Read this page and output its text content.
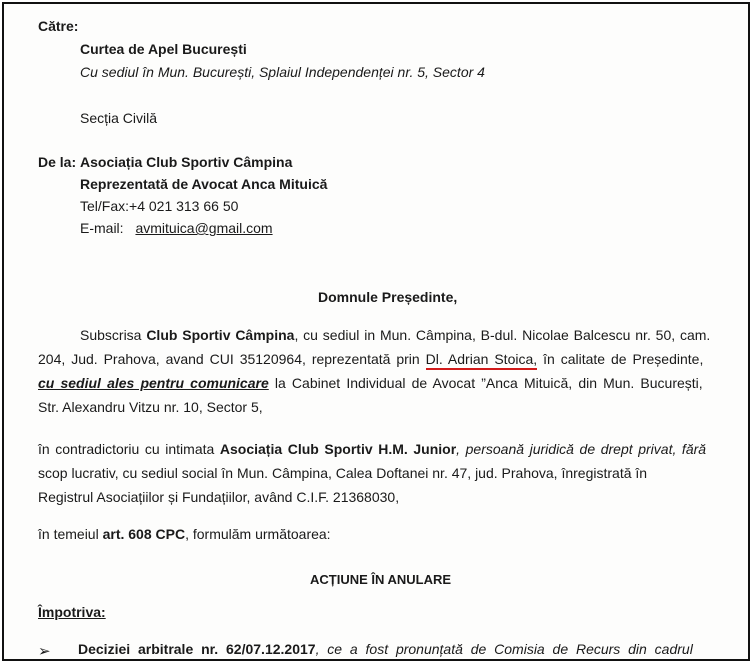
Către:
Curtea de Apel București
Cu sediul în Mun. București, Splaiul Independenței nr. 5, Sector 4
Secția Civilă
De la: Asociația Club Sportiv Câmpina
Reprezentată de Avocat Anca Mituică
Tel/Fax:+4 021 313 66 50
E-mail: avmituica@gmail.com
Domnule Președinte,
Subscrisa Club Sportiv Câmpina, cu sediul in Mun. Câmpina, B-dul. Nicolae Balcescu nr. 50, cam.
204, Jud. Prahova, avand CUI 35120964, reprezentată prin Dl. Adrian Stoica, în calitate de Președinte,
cu sediul ales pentru comunicare la Cabinet Individual de Avocat ”Anca Mituică, din Mun. București,
Str. Alexandru Vitzu nr. 10, Sector 5,
în contradictoriu cu intimata Asociația Club Sportiv H.M. Junior, persoană juridică de drept privat, fără
scop lucrativ, cu sediul social în Mun. Câmpina, Calea Doftanei nr. 47, jud. Prahova, înregistrată în
Registrul Asociațiilor și Fundațiilor, având C.I.F. 21368030,
în temeiul art. 608 CPC, formulăm următoarea:
ACȚIUNE ÎN ANULARE
Împotriva:
➢ Deciziei arbitrale nr. 62/07.12.2017, ce a fost pronunțată de Comisia de Recurs din cadrul
